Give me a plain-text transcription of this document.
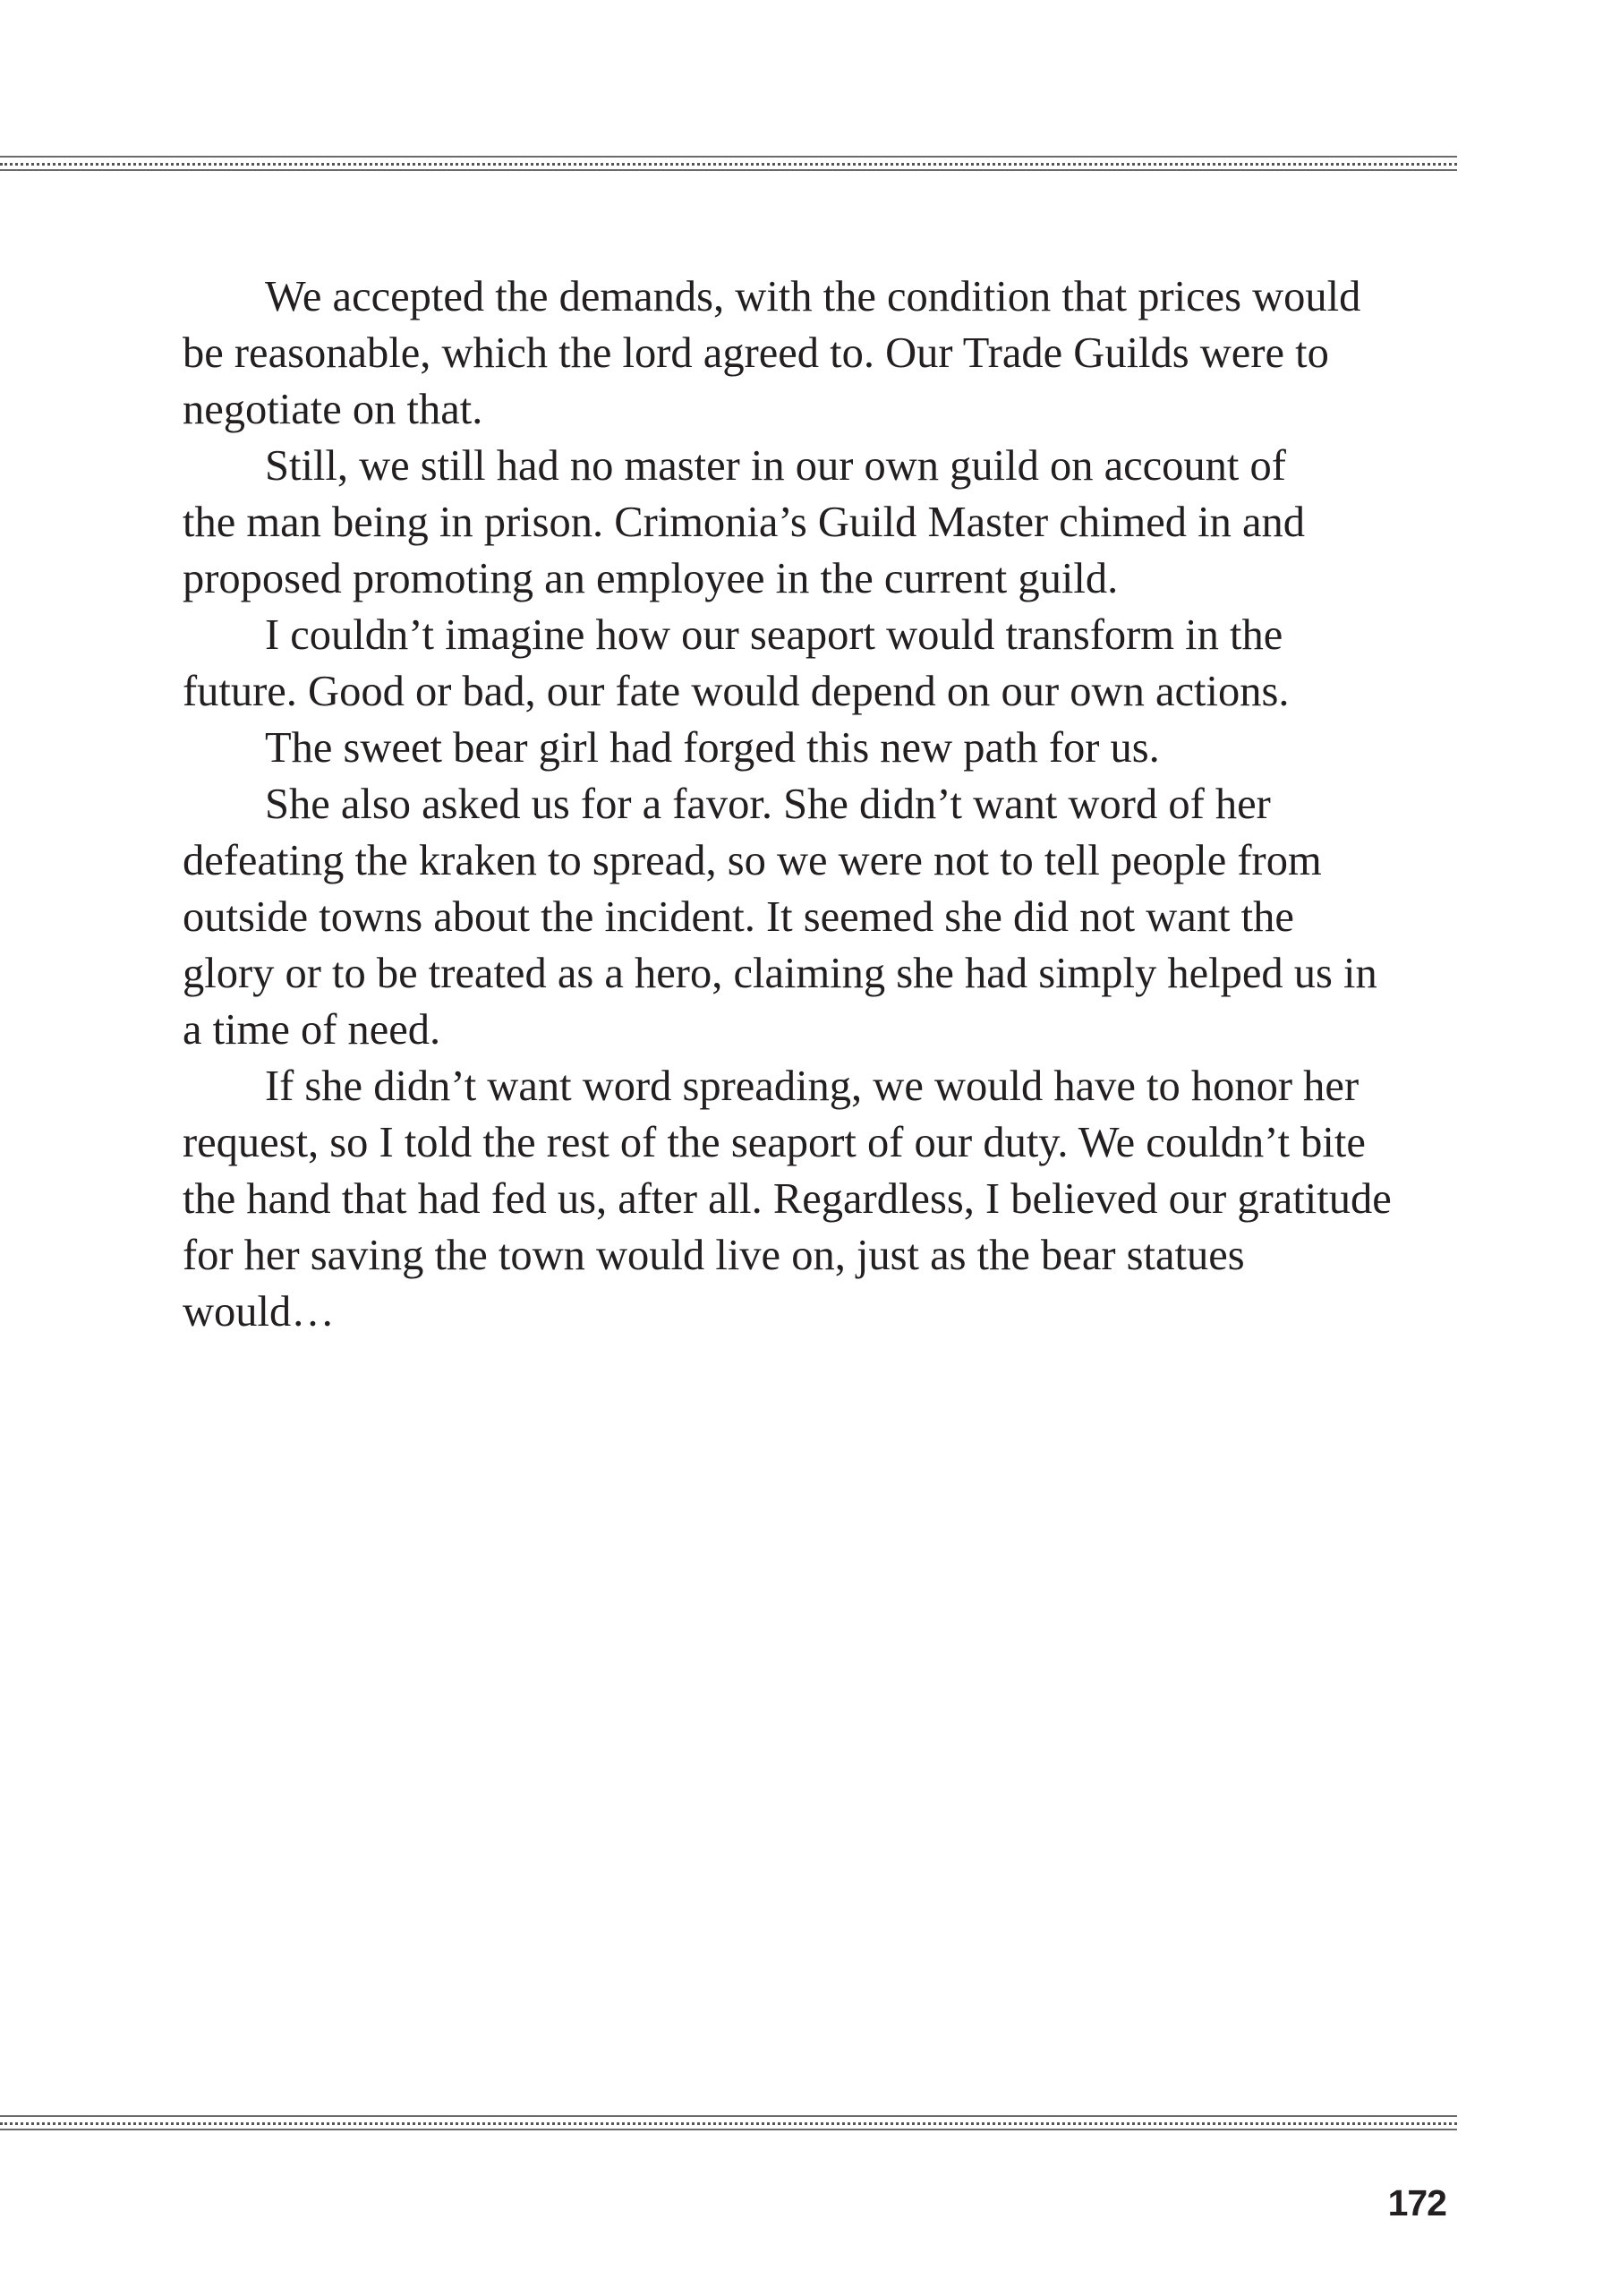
We accepted the demands, with the condition that prices would
be reasonable, which the lord agreed to. Our Trade Guilds were to
negotiate on that.

Still, we still had no master in our own guild on account of
the man being in prison. Crimonia’s Guild Master chimed in and
proposed promoting an employee in the current guild.

I couldn’t imagine how our seaport would transform in the
future. Good or bad, our fate would depend on our own actions.

The sweet bear girl had forged this new path for us.

She also asked us for a favor. She didn’t want word of her
defeating the kraken to spread, so we were not to tell people from
outside towns about the incident. It seemed she did not want the
glory or to be treated as a hero, claiming she had simply helped us in
a time of need.

If she didn’t want word spreading, we would have to honor her
request, so I told the rest of the seaport of our duty. We couldn’t bite
the hand that had fed us, after all. Regardless, I believed our gratitude
for her saving the town would live on, just as the bear statues
would…

172
